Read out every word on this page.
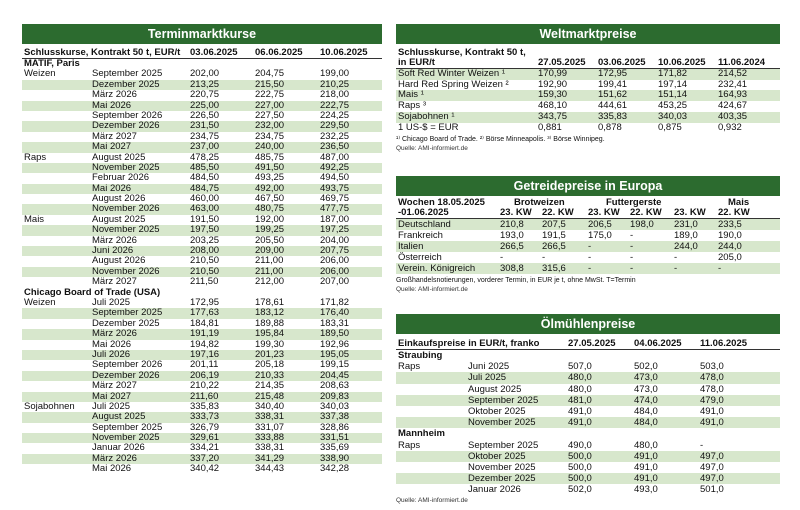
Terminmarktkurse
Schlusskurse, Kontrakt 50 t, EUR/t 03.06.2025 06.06.2025 10.06.2025
MATIF, Paris
Weizen	September 2025	202,00	204,75	199,00
Dezember 2025	213,25	215,50	210,25
März 2026	220,75	222,75	218,00
Mai 2026	225,00	227,00	222,75
September 2026	226,50	227,50	224,25
Dezember 2026	231,50	232,00	229,50
März 2027	234,75	234,75	232,25
Mai 2027	237,00	240,00	236,50
Raps	August 2025	478,25	485,75	487,00
November 2025	485,50	491,50	492,25
Februar 2026	484,50	493,25	494,50
Mai 2026	484,75	492,00	493,75
August 2026	460,00	467,50	469,75
November 2026	463,00	480,75	477,75
Mais	August 2025	191,50	192,00	187,00
November 2025	197,50	199,25	197,25
März 2026	203,25	205,50	204,00
Juni 2026	208,00	209,00	207,75
August 2026	210,50	211,00	206,00
November 2026	210,50	211,00	206,00
März 2027	211,50	212,00	207,00
Chicago Board of Trade (USA)
Weizen	Juli 2025	172,95	178,61	171,82
September 2025	177,63	183,12	176,40
Dezember 2025	184,81	189,88	183,31
März 2026	191,19	195,84	189,50
Mai 2026	194,82	199,30	192,96
Juli 2026	197,16	201,23	195,05
September 2026	201,11	205,18	199,15
Dezember 2026	206,19	210,33	204,45
März 2027	210,22	214,35	208,63
Mai 2027	211,60	215,48	209,83
Sojabohnen Juli 2025	335,83	340,40	340,03
August 2025	333,73	338,31	337,38
September 2025	326,79	331,07	328,86
November 2025	329,61	333,88	331,51
Januar 2026	334,21	338,31	335,69
März 2026	337,20	341,29	338,90
Mai 2026	340,42	344,43	342,28
Weltmarktpreise
Schlusskurse, Kontrakt 50 t,
in EUR/t	27.05.2025 03.06.2025 10.06.2025 11.06.2024
Soft Red Winter Weizen ¹	170,99	172,95	171,82	214,52
Hard Red Spring Weizen ²	192,90	199,41	197,14	232,41
Mais ¹	159,30	151,62	151,14	164,93
Raps ³	468,10	444,61	453,25	424,67
Sojabohnen ¹	343,75	335,83	340,03	403,35
1 US-$ = EUR	0,881	0,878	0,875	0,932
¹⁾ Chicago Board of Trade. ²⁾ Börse Minneapolis. ³⁾ Börse Winnipeg.
Quelle: AMI-informiert.de
Getreidepreise in Europa
Wochen 18.05.2025	Brotweizen	Futtergerste	Mais
-01.06.2025	23. KW 22. KW 23. KW 22. KW 23. KW 22. KW
Deutschland	210,8 207,5 206,5 198,0 231,0 233,5
Frankreich	193,0 191,5 175,0 -	189,0 190,0
Italien	266,5 266,5 -	-	244,0 244,0
Österreich	-	-	-	-	-	205,0
Verein. Königreich	308,8 315,6 -	-	-	-
Großhandelsnotierungen, vorderer Termin, in EUR je t, ohne MwSt. T=Termin
Quelle: AMI-informiert.de
Ölmühlenpreise
Einkaufspreise in EUR/t, franko	27.05.2025 04.06.2025 11.06.2025
Straubing
Raps	Juni 2025	507,0	502,0	503,0
Juli 2025	480,0	473,0	478,0
August 2025	480,0	473,0	478,0
September 2025	481,0	474,0	479,0
Oktober 2025	491,0	484,0	491,0
November 2025	491,0	484,0	491,0
Mannheim
Raps	September 2025	490,0	480,0	-
Oktober 2025	500,0	491,0	497,0
November 2025	500,0	491,0	497,0
Dezember 2025	500,0	491,0	497,0
Januar 2026	502,0	493,0	501,0
Quelle: AMI-informiert.de
